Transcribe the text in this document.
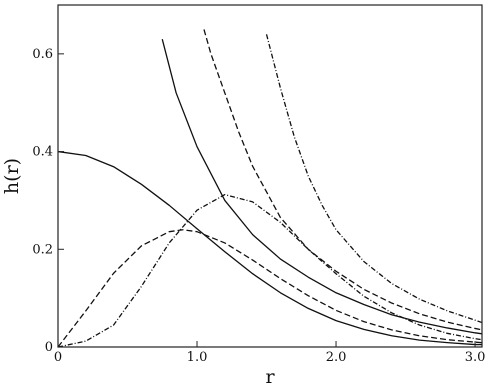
0	1.0	2.0	3.0
0
0.2
0.4
0.6
r
h(r)
